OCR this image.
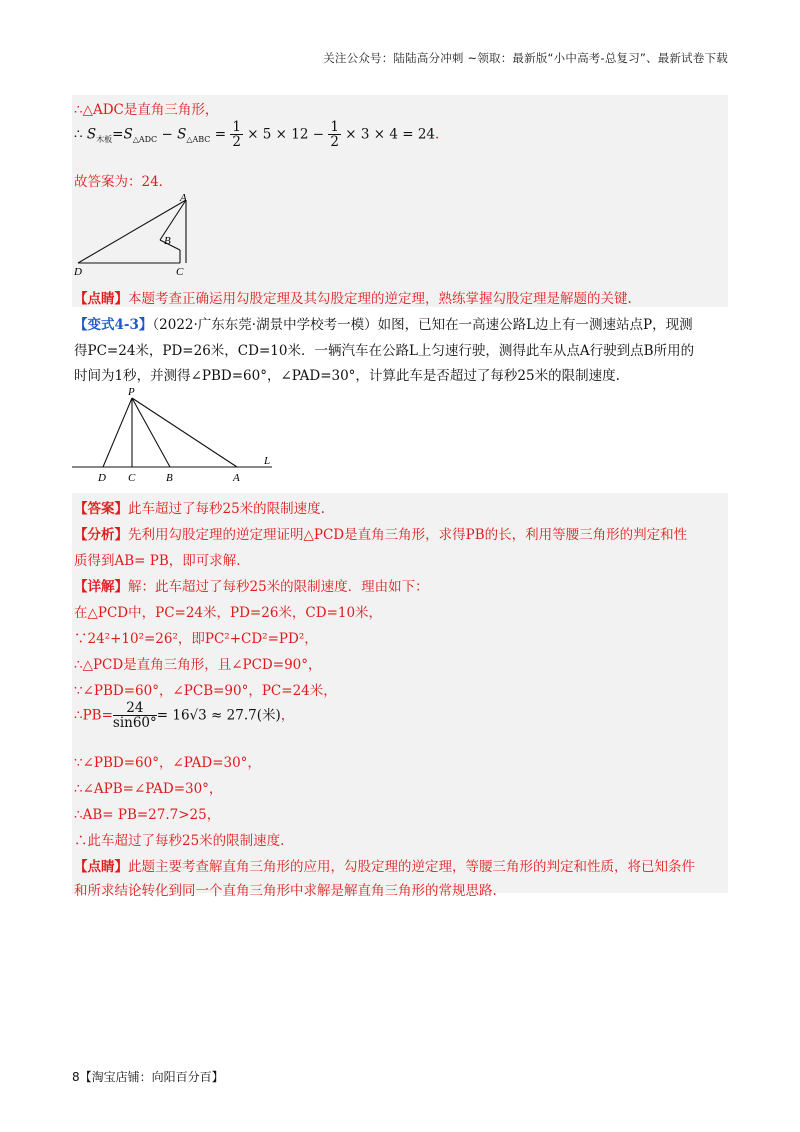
关注公众号：陆陆高分冲刺 ~领取：最新版“小中高考-总复习”、最新试卷下载
∴△ADC是直角三角形，
∴ $S_{木板}=S_{\triangle ADC} - S_{\triangle ABC} = \frac{1}{2} \times 5 \times 12 - \frac{1}{2} \times 3 \times 4 = 24$.
故答案为：24．
A
B
C
D
【点睛】本题考查正确运用勾股定理及其勾股定理的逆定理，熟练掌握勾股定理是解题的关键.
【变式4-3】（2022·广东东莞·湖景中学校考一模）如图，已知在一高速公路L边上有一测速站点P，现测
得PC=24米，PD=26米，CD=10米．一辆汽车在公路L上匀速行驶，测得此车从点A行驶到点B所用的
时间为1秒，并测得∠PBD=60°，∠PAD=30°，计算此车是否超过了每秒25米的限制速度.
P
D C	B	A
L
【答案】此车超过了每秒25米的限制速度.
【分析】先利用勾股定理的逆定理证明△PCD是直角三角形，求得PB的长，利用等腰三角形的判定和性
质得到AB= PB，即可求解.
【详解】解：此车超过了每秒25米的限制速度．理由如下：
在△PCD中，PC=24米，PD=26米，CD=10米，
∵24²+10²=26²，即PC²+CD²=PD²，
∴△PCD是直角三角形，且∠PCD=90°，
∵∠PBD=60°，∠PCB=90°，PC=24米，
∴PB= $\frac{24}{\sin 60^\circ} = 16√3 \approx 27.7$(米)，
∵∠PBD=60°，∠PAD=30°，
∴∠APB=∠PAD=30°，
∴AB= PB=27.7>25，
∴此车超过了每秒25米的限制速度.
【点睛】此题主要考查解直角三角形的应用，勾股定理的逆定理，等腰三角形的判定和性质，将已知条件
和所求结论转化到同一个直角三角形中求解是解直角三角形的常规思路.
8【淘宝店铺：向阳百分百】
